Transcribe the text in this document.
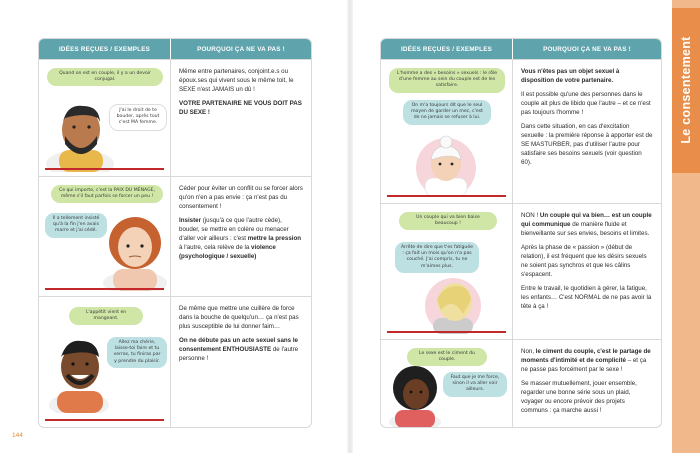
IDÉES REÇUES / EXEMPLES	POURQUOI ÇA NE VA PAS !
Quand on est en couple, il y a un devoir conjugal.
J'ai le droit de te bouder, après tout c'est MA femme.

Même entre partenaires, conjoint.e.s ou époux.ses qui vivent sous le même toit, le SEXE n'est JAMAIS un dû !

VOTRE PARTENAIRE NE VOUS DOIT PAS DU SEXE !

Ce qui importe, c'est la PAIX DU MÉNAGE, même s'il faut parfois se forcer un peu !
Il a tellement insisté qu'à la fin j'en avais marre et j'ai cédé.

Céder pour éviter un conflit ou se forcer alors qu'on n'en a pas envie : ça n'est pas du consentement !

Insister (jusqu'à ce que l'autre cède), bouder, se mettre en colère ou menacer d'aller voir ailleurs : c'est mettre la pression à l'autre, cela relève de la violence (psychologique / sexuelle)

L'appétit vient en mangeant.
Allez ma chérie, laisse-toi faire et tu verras, tu finiras par y prendre du plaisir.

De même que mettre une cuillère de force dans la bouche de quelqu'un… ça n'est pas plus susceptible de lui donner faim…

On ne débute pas un acte sexuel sans le consentement ENTHOUSIASTE de l'autre personne !

144
IDÉES REÇUES / EXEMPLES	POURQUOI ÇA NE VA PAS !
L'homme a des « besoins » sexuels : le rôle d'une femme au sein du couple est de les satisfaire.
On m'a toujours dit que le seul moyen de garder un mec, c'est de ne jamais se refuser à lui.

Vous n'êtes pas un objet sexuel à disposition de votre partenaire.

Il est possible qu'une des personnes dans le couple ait plus de libido que l'autre – et ce n'est pas toujours l'homme !

Dans cette situation, en cas d'excitation sexuelle : la première réponse à apporter est de SE MASTURBER, pas d'utiliser l'autre pour satisfaire ses besoins sexuels (voir question 60).

Un couple qui va bien baise beaucoup !
Arrête de dire que t'es fatiguée : ça fait un mois qu'on n'a pas couché. J'ai compris, tu ne m'aimes plus.

NON ! Un couple qui va bien… est un couple qui communique de manière fluide et bienveillante sur ses envies, besoins et limites.

Après la phase de « passion » (début de relation), il est fréquent que les désirs sexuels ne soient pas synchros et que les câlins s'espacent.

Entre le travail, le quotidien à gérer, la fatigue, les enfants… C'est NORMAL de ne pas avoir la tête à ça !

Le sexe est le ciment du couple.
Faut que je me force, sinon il va aller voir ailleurs.

Non, le ciment du couple, c'est le partage de moments d'intimité et de complicité – et ça ne passe pas forcément par le sexe !

Se masser mutuellement, jouer ensemble, regarder une bonne série sous un plaid, voyager ou encore prévoir des projets communs : ça marche aussi !

Le consentement
